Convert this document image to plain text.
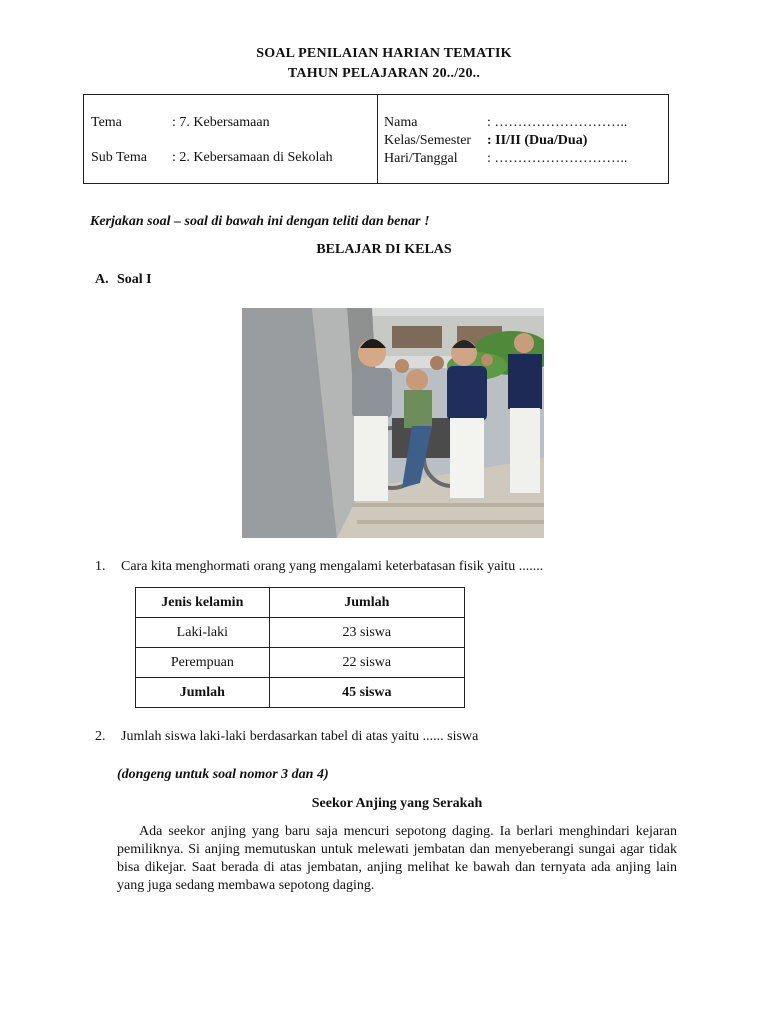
SOAL PENILAIAN HARIAN TEMATIK
TAHUN PELAJARAN 20../20..
Tema	: 7. Kebersamaan
Sub Tema : 2. Kebersamaan di Sekolah
Nama	: ………………………..
Kelas/Semester : II/II (Dua/Dua)
Hari/Tanggal : ………………………..
Kerjakan soal – soal di bawah ini dengan teliti dan benar !
BELAJAR DI KELAS
A. Soal I
1. Cara kita menghormati orang yang mengalami keterbatasan fisik yaitu .......
Jenis kelamin	Jumlah
Laki-laki	23 siswa
Perempuan	22 siswa
Jumlah	45 siswa
2. Jumlah siswa laki-laki berdasarkan tabel di atas yaitu ...... siswa
(dongeng untuk soal nomor 3 dan 4)
Seekor Anjing yang Serakah
Ada seekor anjing yang baru saja mencuri sepotong daging. Ia berlari menghindari kejaran pemiliknya. Si anjing memutuskan untuk melewati jembatan dan menyeberangi sungai agar tidak bisa dikejar. Saat berada di atas jembatan, anjing melihat ke bawah dan ternyata ada anjing lain yang juga sedang membawa sepotong daging.
